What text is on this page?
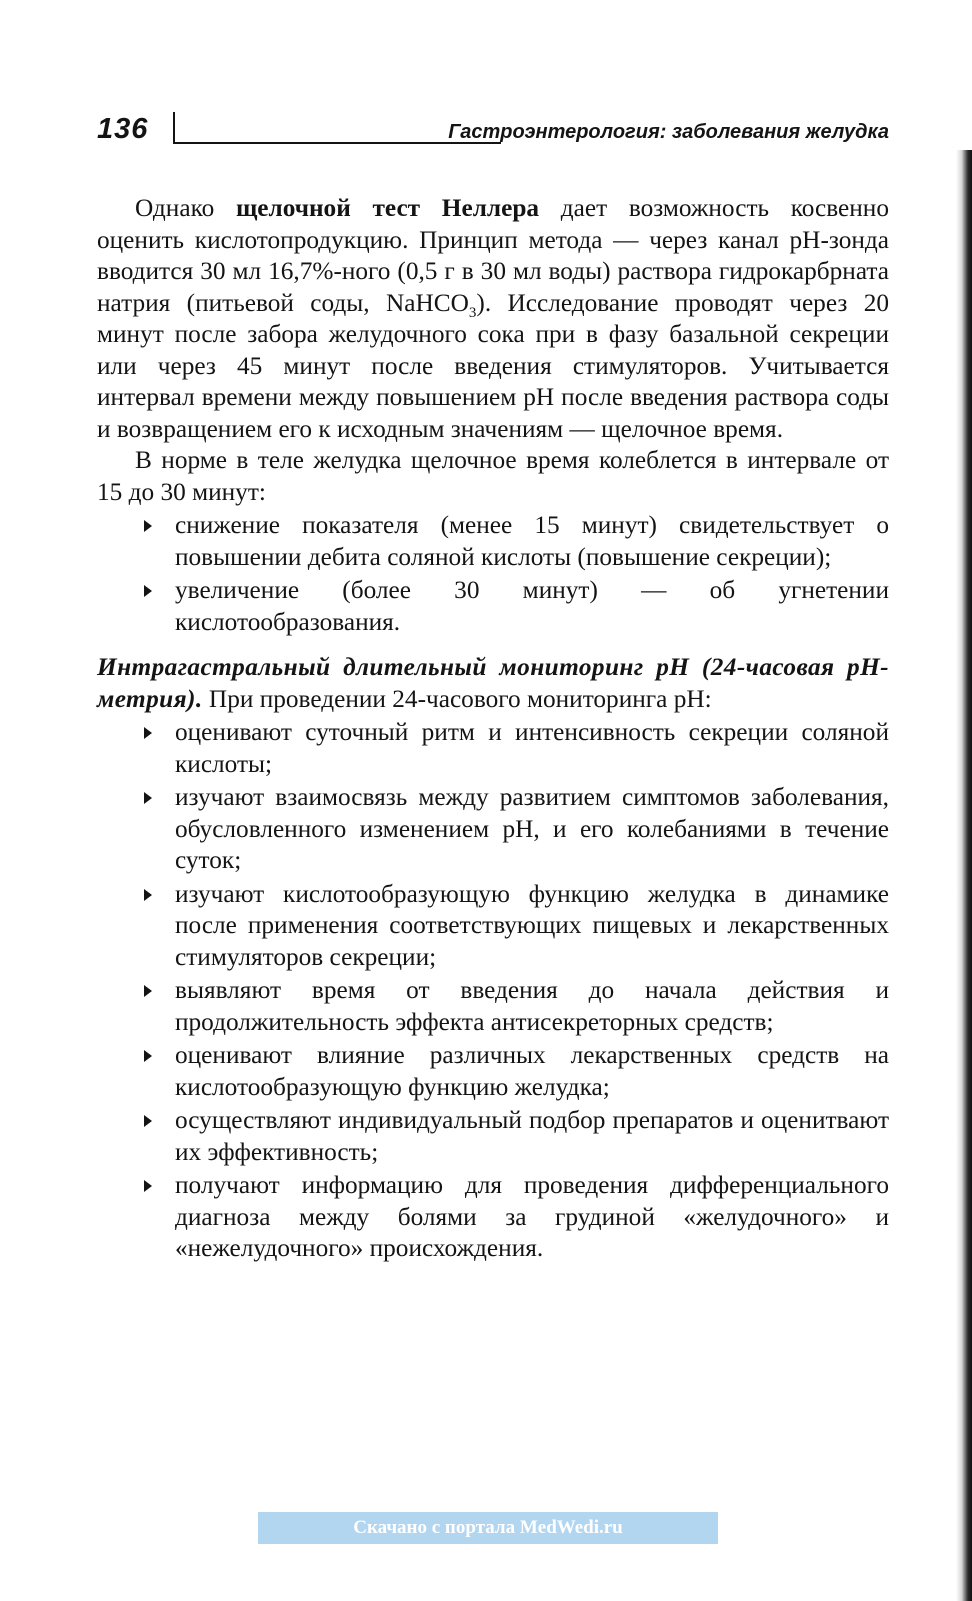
136	Гастроэнтерология: заболевания желудка

Однако щелочной тест Неллера дает возможность косвенно оценить кислотопродукцию. Принцип метода — через канал рН-зонда вводится 30 мл 16,7%-ного (0,5 г в 30 мл воды) раствора гидрокарбрната натрия (питьевой соды, NaHCO$_3$). Исследование проводят через 20 минут после забора желудочного сока при в фазу базальной секреции или через 45 минут после введения стимуляторов. Учитывается интервал времени между повышением рН после введения раствора соды и возвращением его к исходным значениям — щелочное время.

В норме в теле желудка щелочное время колеблется в интервале от 15 до 30 минут:

снижение показателя (менее 15 минут) свидетельствует о повышении дебита соляной кислоты (повышение секреции);
увеличение (более 30 минут) — об угнетении кислотообразования.

Интрагастральный длительный мониторинг рН (24-часовая рН-метрия). При проведении 24-часового мониторинга рН:

оценивают суточный ритм и интенсивность секреции соляной кислоты;
изучают взаимосвязь между развитием симптомов заболевания, обусловленного изменением рН, и его колебаниями в течение суток;
изучают кислотообразующую функцию желудка в динамике после применения соответствующих пищевых и лекарственных стимуляторов секреции;
выявляют время от введения до начала действия и продолжительность эффекта антисекреторных средств;
оценивают влияние различных лекарственных средств на кислотообразующую функцию желудка;
осуществляют индивидуальный подбор препаратов и оценитвают их эффективность;
получают информацию для проведения дифференциального диагноза между болями за грудиной «желудочного» и «нежелудочного» происхождения.
Скачано с портала MedWedi.ru
